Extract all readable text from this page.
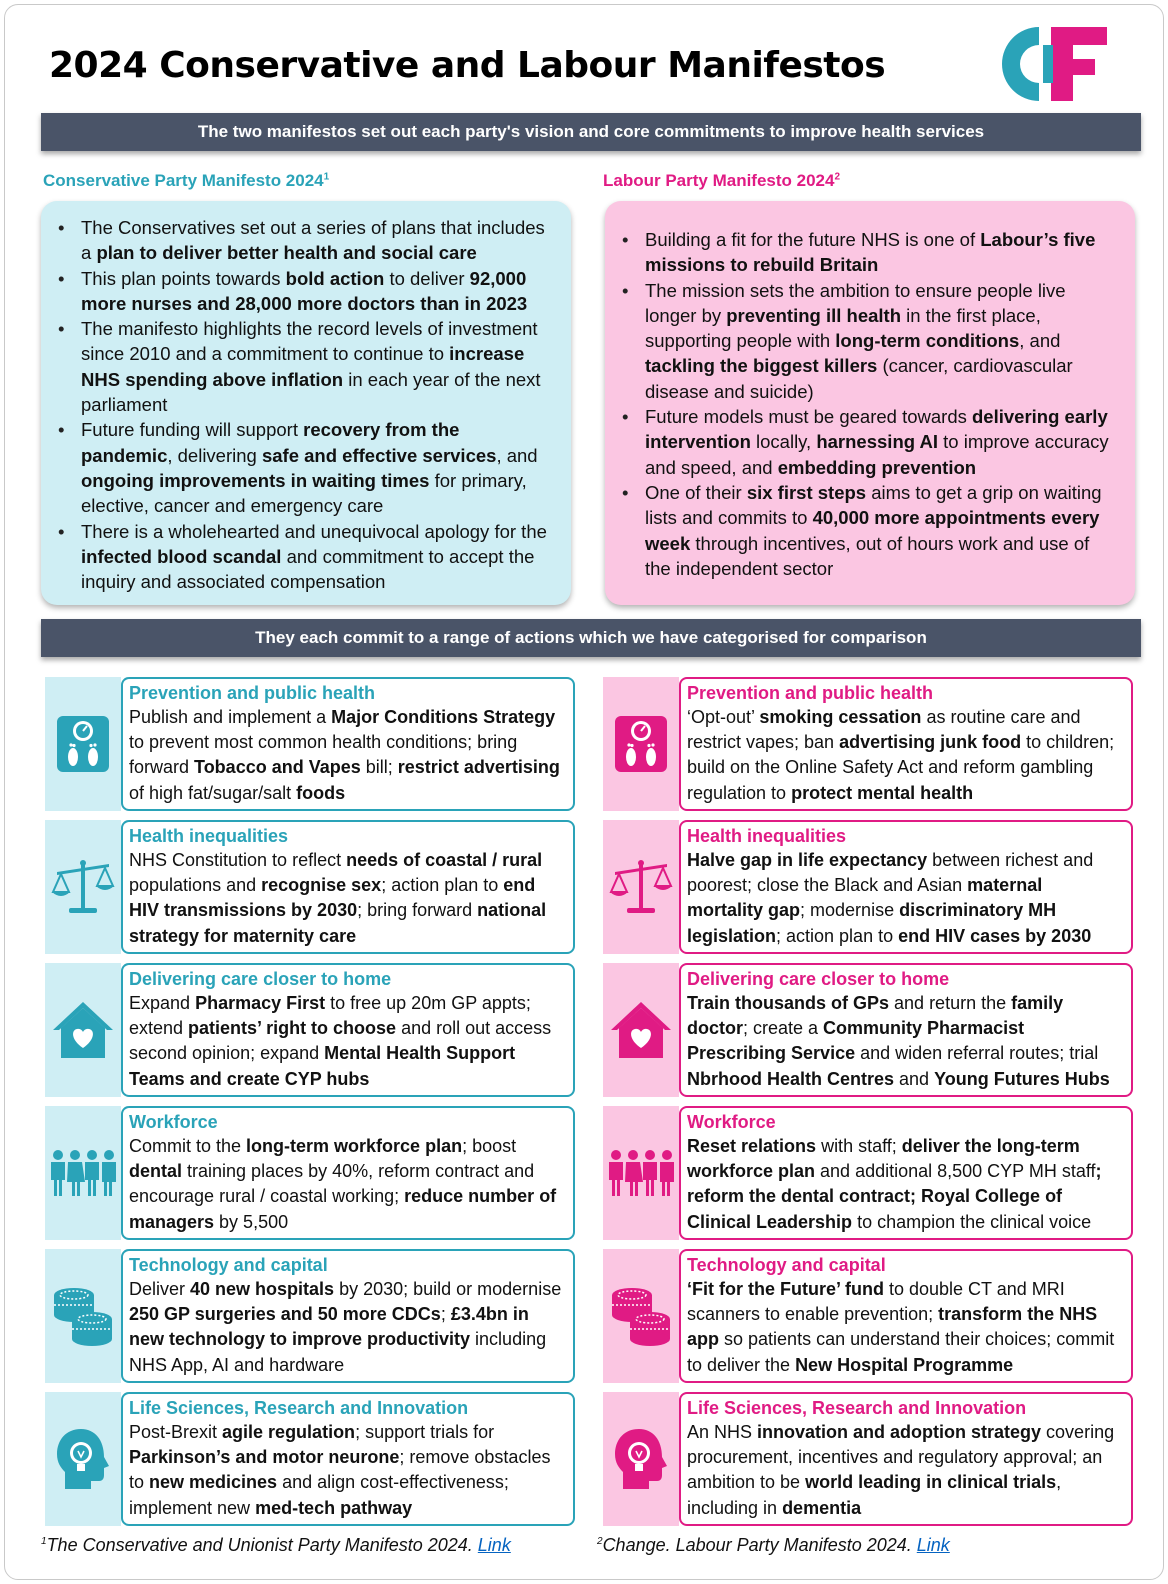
2024 Conservative and Labour Manifestos
The two manifestos set out each party's vision and core commitments to improve health services
Conservative Party Manifesto 2024$^1$	Labour Party Manifesto 2024$^2$
• The Conservatives set out a series of plans that includes a plan to deliver better health and social care
• This plan points towards bold action to deliver 92,000 more nurses and 28,000 more doctors than in 2023
• The manifesto highlights the record levels of investment since 2010 and a commitment to continue to increase NHS spending above inflation in each year of the next parliament
• Future funding will support recovery from the pandemic, delivering safe and effective services, and ongoing improvements in waiting times for primary, elective, cancer and emergency care
• There is a wholehearted and unequivocal apology for the infected blood scandal and commitment to accept the inquiry and associated compensation
• Building a fit for the future NHS is one of Labour’s five missions to rebuild Britain
• The mission sets the ambition to ensure people live longer by preventing ill health in the first place, supporting people with long-term conditions, and tackling the biggest killers (cancer, cardiovascular disease and suicide)
• Future models must be geared towards delivering early intervention locally, harnessing AI to improve accuracy and speed, and embedding prevention
• One of their six first steps aims to get a grip on waiting lists and commits to 40,000 more appointments every week through incentives, out of hours work and use of the independent sector
They each commit to a range of actions which we have categorised for comparison
Prevention and public health

Publish and implement a Major Conditions Strategy to prevent most common health conditions; bring forward Tobacco and Vapes bill; restrict advertising of high fat/sugar/salt foods

Health inequalities

NHS Constitution to reflect needs of coastal / rural populations and recognise sex; action plan to end HIV transmissions by 2030; bring forward national strategy for maternity care

Delivering care closer to home

Expand Pharmacy First to free up 20m GP appts; extend patients’ right to choose and roll out access second opinion; expand Mental Health Support Teams and create CYP hubs

Workforce

Commit to the long-term workforce plan; boost dental training places by 40%, reform contract and encourage rural / coastal working; reduce number of managers by 5,500

Technology and capital

Deliver 40 new hospitals by 2030; build or modernise 250 GP surgeries and 50 more CDCs; £3.4bn in new technology to improve productivity including NHS App, AI and hardware

Life Sciences, Research and Innovation

Post-Brexit agile regulation; support trials for Parkinson’s and motor neurone; remove obstacles to new medicines and align cost-effectiveness; implement new med-tech pathway

Prevention and public health

‘Opt-out’ smoking cessation as routine care and restrict vapes; ban advertising junk food to children; build on the Online Safety Act and reform gambling regulation to protect mental health

Health inequalities

Halve gap in life expectancy between richest and poorest; close the Black and Asian maternal mortality gap; modernise discriminatory MH legislation; action plan to end HIV cases by 2030

Delivering care closer to home

Train thousands of GPs and return the family doctor; create a Community Pharmacist Prescribing Service and widen referral routes; trial Nbrhood Health Centres and Young Futures Hubs

Workforce

Reset relations with staff; deliver the long-term workforce plan and additional 8,500 CYP MH staff; reform the dental contract; Royal College of Clinical Leadership to champion the clinical voice

Technology and capital

‘Fit for the Future’ fund to double CT and MRI scanners to enable prevention; transform the NHS app so patients can understand their choices; commit to deliver the New Hospital Programme

Life Sciences, Research and Innovation

An NHS innovation and adoption strategy covering procurement, incentives and regulatory approval; an ambition to be world leading in clinical trials, including in dementia

$^1$The Conservative and Unionist Party Manifesto 2024. Link	$^2$Change. Labour Party Manifesto 2024. Link
